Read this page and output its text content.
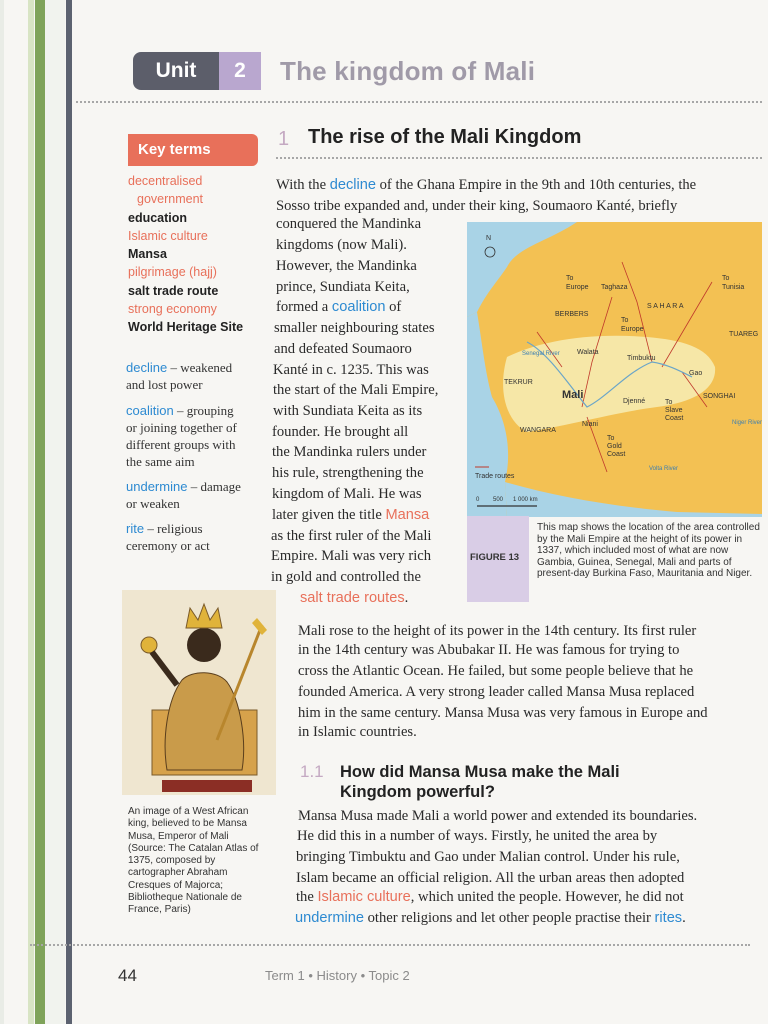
Unit	2	The kingdom of Mali
Key terms
decentralised
government
education
Islamic culture
Mansa
pilgrimage (hajj)
salt trade route
strong economy
World Heritage Site
decline – weakened
and lost power
coalition – grouping
or joining together of
different groups with
the same aim
undermine – damage
or weaken
rite – religious
ceremony or act
1 The rise of the Mali Kingdom
With the decline of the Ghana Empire in the 9th and 10th centuries, the
Sosso tribe expanded and, under their king, Soumaoro Kanté, briefly
conquered the Mandinka
kingdoms (now Mali).
However, the Mandinka
prince, Sundiata Keita,
formed a coalition of
smaller neighbouring states
and defeated Soumaoro
Kanté in c. 1235. This was
the start of the Mali Empire,
with Sundiata Keita as its
founder. He brought all
the Mandinka rulers under
his rule, strengthening the
kingdom of Mali. He was
later given the title Mansa
as the first ruler of the Mali
Empire. Mali was very rich
in gold and controlled the
salt trade routes.
N
To
Europe Taghaza
To
Tunisia
BERBERS
S A H A R A
To
Europe
TUAREG
Senegal River Walata
Timbuktu
Gao
TEKRUR
Mali
Djenné
SONGHAI
To
Slave
Coast
Niger River
WANGARA
Niani
To
Gold
Coast
Volta River
Trade routes
0 500 1 000 km
FIGURE 13
This map shows the location of the area controlled by the Mali Empire at the height of its power in 1337, which included most of what are now Gambia, Guinea, Senegal, Mali and parts of present-day Burkina Faso, Mauritania and Niger.
Mali rose to the height of its power in the 14th century. Its first ruler
in the 14th century was Abubakar II. He was famous for trying to
cross the Atlantic Ocean. He failed, but some people believe that he
founded America. A very strong leader called Mansa Musa replaced
him in the same century. Mansa Musa was very famous in Europe and
in Islamic countries.
An image of a West African king, believed to be Mansa Musa, Emperor of Mali (Source: The Catalan Atlas of 1375, composed by cartographer Abraham Cresques of Majorca; Bibliotheque Nationale de France, Paris)
1.1 How did Mansa Musa make the Mali
Kingdom powerful?
Mansa Musa made Mali a world power and extended its boundaries.
He did this in a number of ways. Firstly, he united the area by
bringing Timbuktu and Gao under Malian control. Under his rule,
Islam became an official religion. All the urban areas then adopted
the Islamic culture, which united the people. However, he did not
undermine other religions and let other people practise their rites.
44	Term 1 • History • Topic 2
